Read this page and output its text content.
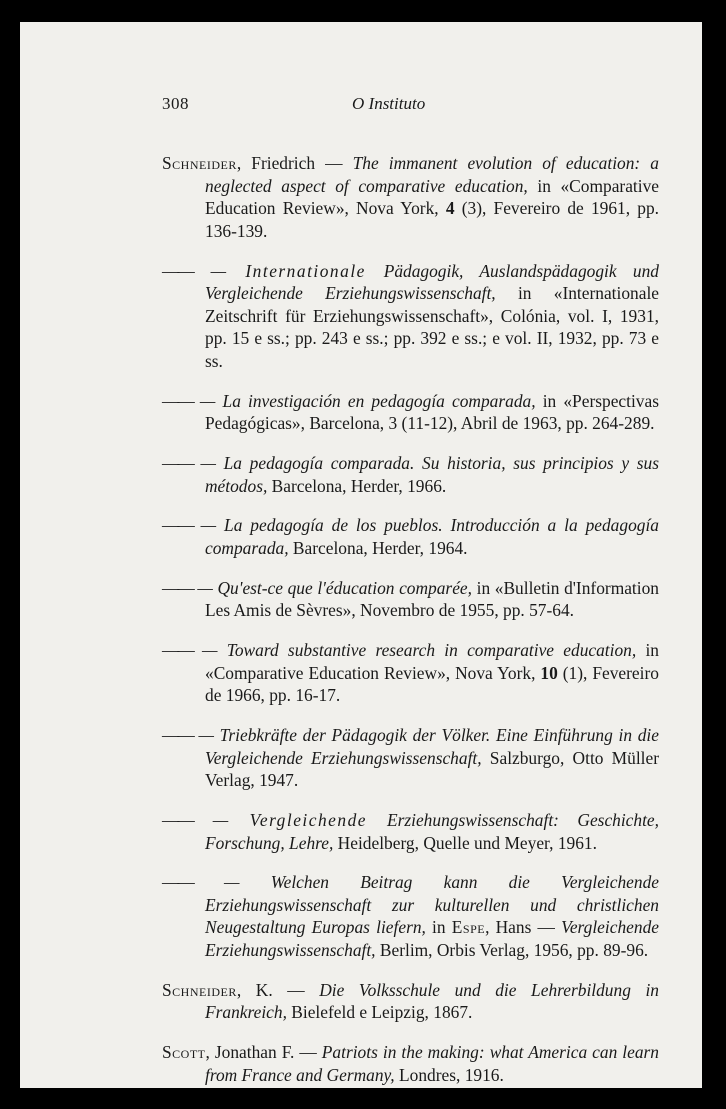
308	O Instituto

Schneider, Friedrich — The immanent evolution of education: a neglected aspect of comparative education, in «Comparative Education Review», Nova York, 4 (3), Fevereiro de 1961, pp. 136-139.

—— — Internationale Pädagogik, Auslandspädagogik und Vergleichende Erziehungswissenschaft, in «Internationale Zeitschrift für Erziehungswissenschaft», Colónia, vol. I, 1931, pp. 15 e ss.; pp. 243 e ss.; pp. 392 e ss.; e vol. II, 1932, pp. 73 e ss.

—— — La investigación en pedagogía comparada, in «Perspectivas Pedagógicas», Barcelona, 3 (11-12), Abril de 1963, pp. 264-289.

—— — La pedagogía comparada. Su historia, sus principios y sus métodos, Barcelona, Herder, 1966.

—— — La pedagogía de los pueblos. Introducción a la pedagogía comparada, Barcelona, Herder, 1964.

—— — Qu'est-ce que l'éducation comparée, in «Bulletin d'Information Les Amis de Sèvres», Novembro de 1955, pp. 57-64.

—— — Toward substantive research in comparative education, in «Comparative Education Review», Nova York, 10 (1), Fevereiro de 1966, pp. 16-17.

—— — Triebkräfte der Pädagogik der Völker. Eine Einführung in die Vergleichende Erziehungswissenschaft, Salzburgo, Otto Müller Verlag, 1947.

—— — Vergleichende Erziehungswissenschaft: Geschichte, Forschung, Lehre, Heidelberg, Quelle und Meyer, 1961.

—— — Welchen Beitrag kann die Vergleichende Erziehungswissenschaft zur kulturellen und christlichen Neugestaltung Europas liefern, in Espe, Hans — Vergleichende Erziehungswissenschaft, Berlim, Orbis Verlag, 1956, pp. 89-96.

Schneider, K. — Die Volksschule und die Lehrerbildung in Frankreich, Bielefeld e Leipzig, 1867.

Scott, Jonathan F. — Patriots in the making: what America can learn from France and Germany, Londres, 1916.
